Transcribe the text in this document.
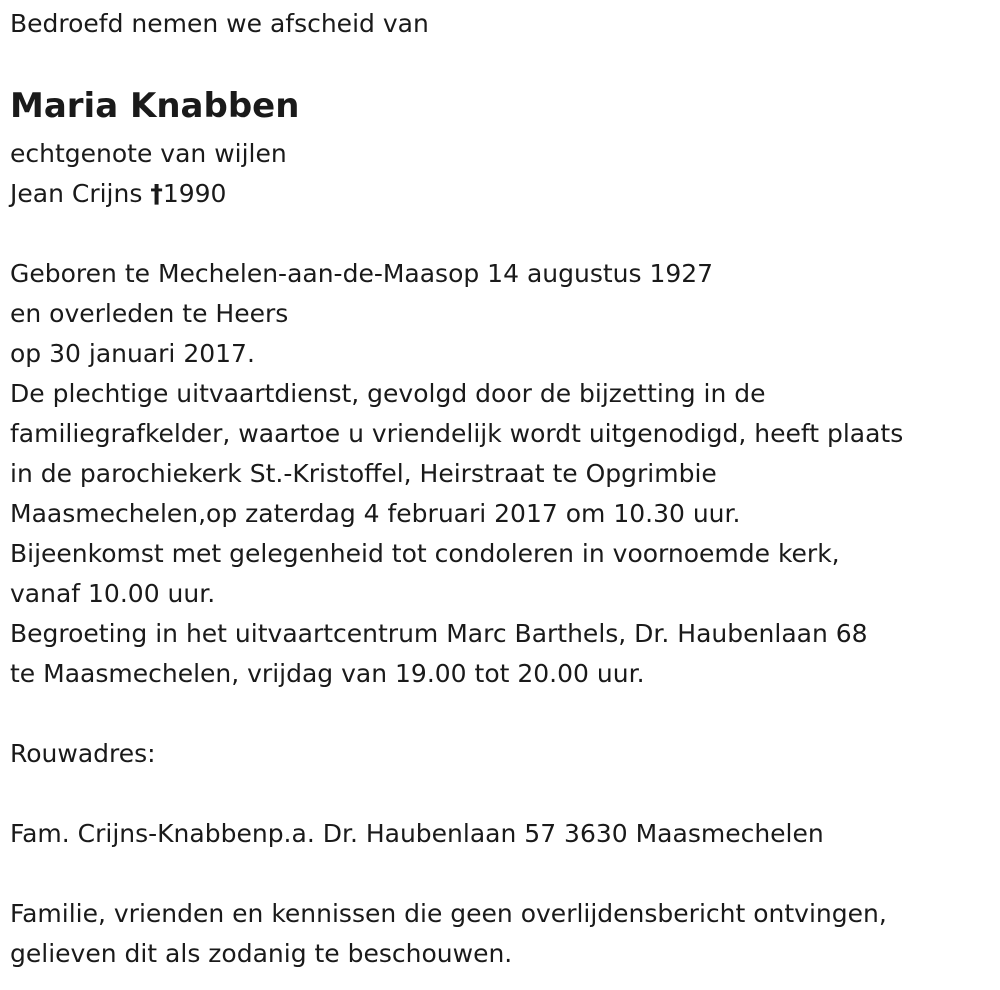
Bedroefd nemen we afscheid van
Maria Knabben
echtgenote van wijlen
Jean Crijns †1990
Geboren te Mechelen-aan-de-Maasop 14 augustus 1927
en overleden te Heers
op 30 januari 2017.
De plechtige uitvaartdienst, gevolgd door de bijzetting in de
familiegrafkelder, waartoe u vriendelijk wordt uitgenodigd, heeft plaats
in de parochiekerk St.-Kristoffel, Heirstraat te Opgrimbie
Maasmechelen,op zaterdag 4 februari 2017 om 10.30 uur.
Bijeenkomst met gelegenheid tot condoleren in voornoemde kerk,
vanaf 10.00 uur.
Begroeting in het uitvaartcentrum Marc Barthels, Dr. Haubenlaan 68
te Maasmechelen, vrijdag van 19.00 tot 20.00 uur.
Rouwadres:
Fam. Crijns-Knabbenp.a. Dr. Haubenlaan 57 3630 Maasmechelen
Familie, vrienden en kennissen die geen overlijdensbericht ontvingen,
gelieven dit als zodanig te beschouwen.
